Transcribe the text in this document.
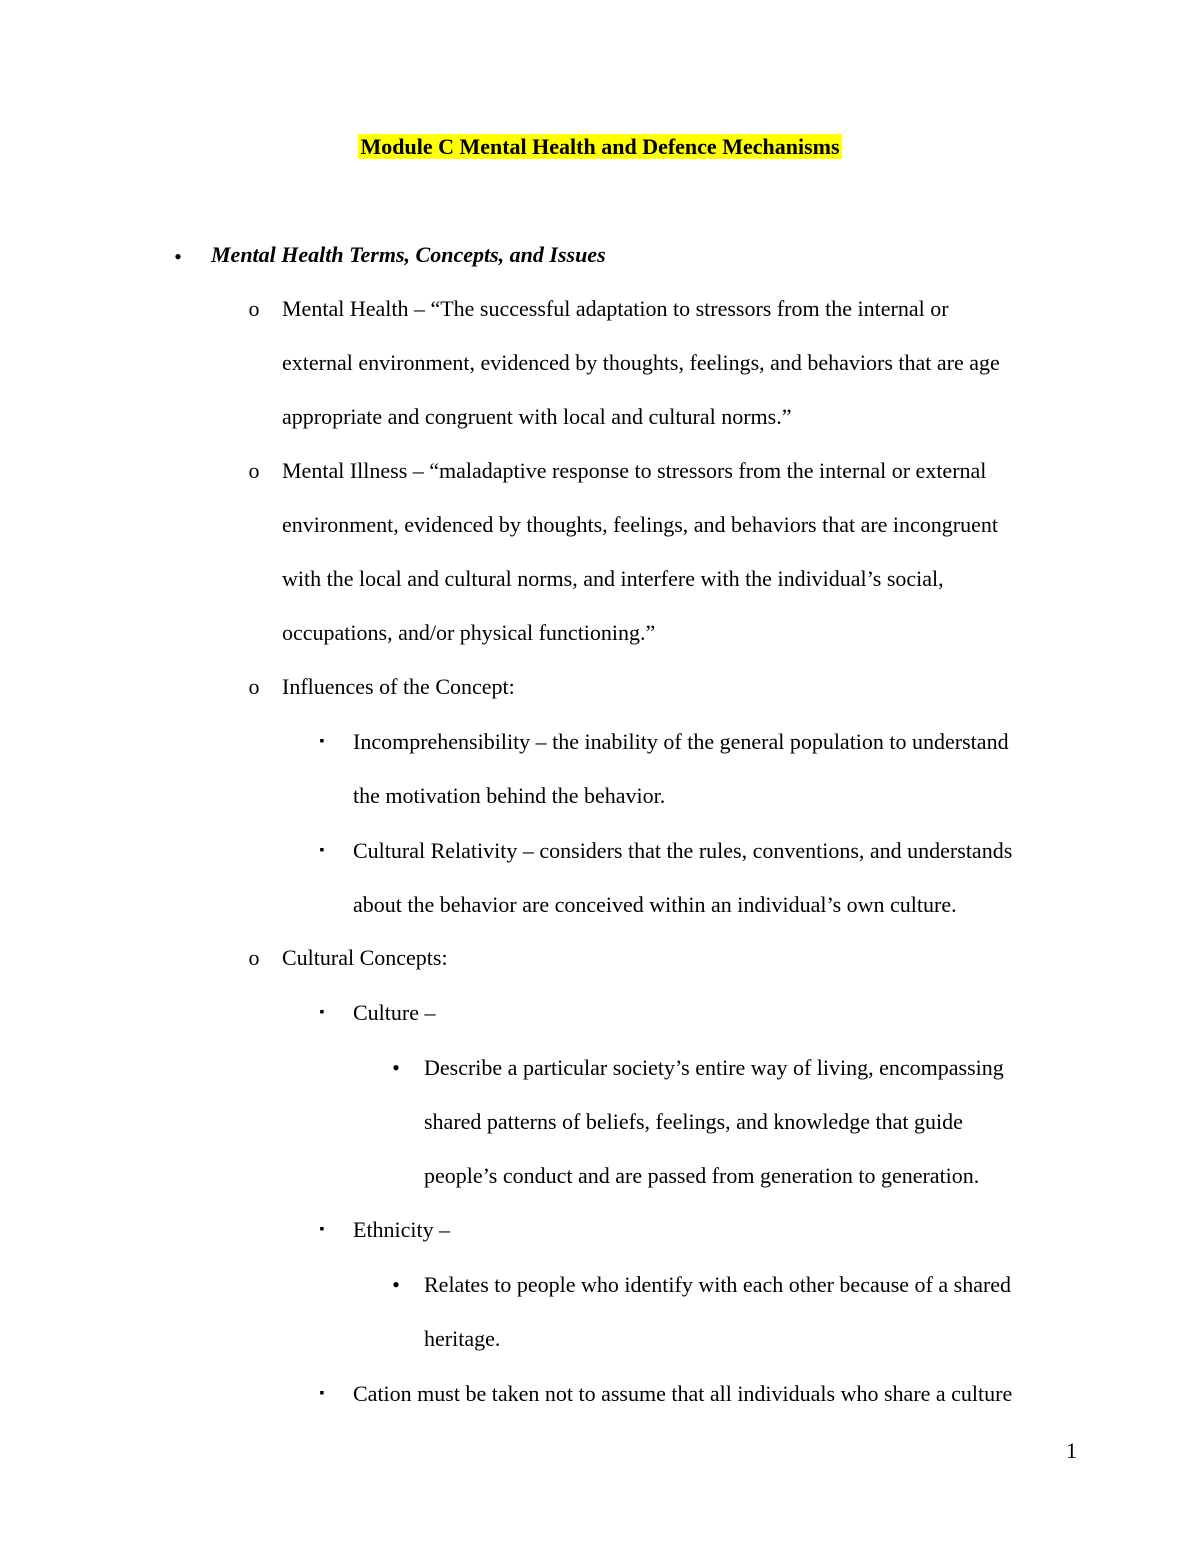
Module C Mental Health and Defence Mechanisms
• Mental Health Terms, Concepts, and Issues
o Mental Health – “The successful adaptation to stressors from the internal or
external environment, evidenced by thoughts, feelings, and behaviors that are age
appropriate and congruent with local and cultural norms.”
o Mental Illness – “maladaptive response to stressors from the internal or external
environment, evidenced by thoughts, feelings, and behaviors that are incongruent
with the local and cultural norms, and interfere with the individual’s social,
occupations, and/or physical functioning.”
o Influences of the Concept:
▪ Incomprehensibility – the inability of the general population to understand
the motivation behind the behavior.
▪ Cultural Relativity – considers that the rules, conventions, and understands
about the behavior are conceived within an individual’s own culture.
o Cultural Concepts:
▪ Culture –
• Describe a particular society’s entire way of living, encompassing
shared patterns of beliefs, feelings, and knowledge that guide
people’s conduct and are passed from generation to generation.
▪ Ethnicity –
• Relates to people who identify with each other because of a shared
heritage.
▪ Cation must be taken not to assume that all individuals who share a culture
1
